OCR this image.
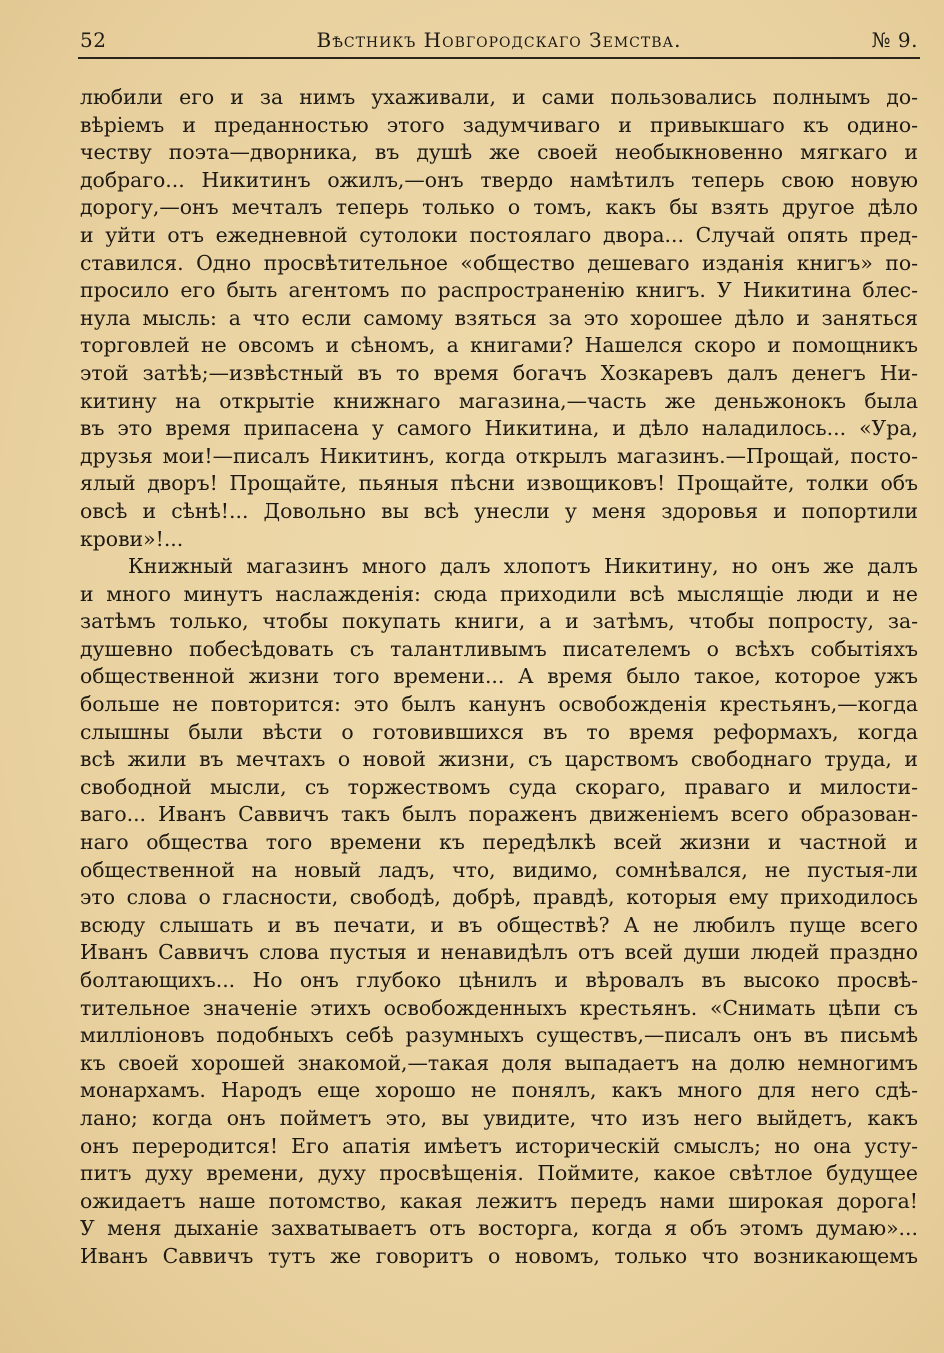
52	Вѣстникъ Новгородскаго Земства.	№ 9.
любили его и за нимъ ухаживали, и сами пользовались полнымъ до-
вѣріемъ и преданностью этого задумчиваго и привыкшаго къ одино-
честву поэта—дворника, въ душѣ же своей необыкновенно мягкаго и
добраго... Никитинъ ожилъ,—онъ твердо намѣтилъ теперь свою новую
дорогу,—онъ мечталъ теперь только о томъ, какъ бы взять другое дѣло
и уйти отъ ежедневной сутолоки постоялаго двора... Случай опять пред-
ставился. Одно просвѣтительное «общество дешеваго изданія книгъ» по-
просило его быть агентомъ по распространенію книгъ. У Никитина блес-
нула мысль: а что если самому взяться за это хорошее дѣло и заняться
торговлей не овсомъ и сѣномъ, а книгами? Нашелся скоро и помощникъ
этой затѣѣ;—извѣстный въ то время богачъ Хозкаревъ далъ денегъ Ни-
китину на открытіе книжнаго магазина,—часть же деньжонокъ была
въ это время припасена у самого Никитина, и дѣло наладилось... «Ура,
друзья мои!—писалъ Никитинъ, когда открылъ магазинъ.—Прощай, посто-
ялый дворъ! Прощайте, пьяныя пѣсни извощиковъ! Прощайте, толки объ
овсѣ и сѣнѣ!... Довольно вы всѣ унесли у меня здоровья и попортили
крови»!...
Книжный магазинъ много далъ хлопотъ Никитину, но онъ же далъ
и много минутъ наслажденія: сюда приходили всѣ мыслящіе люди и не
затѣмъ только, чтобы покупать книги, а и затѣмъ, чтобы попросту, за-
душевно побесѣдовать съ талантливымъ писателемъ о всѣхъ событіяхъ
общественной жизни того времени... А время было такое, которое ужъ
больше не повторится: это былъ канунъ освобожденія крестьянъ,—когда
слышны были вѣсти о готовившихся въ то время реформахъ, когда
всѣ жили въ мечтахъ о новой жизни, съ царствомъ свободнаго труда, и
свободной мысли, съ торжествомъ суда скораго, праваго и милости-
ваго... Иванъ Саввичъ такъ былъ пораженъ движеніемъ всего образован-
наго общества того времени къ передѣлкѣ всей жизни и частной и
общественной на новый ладъ, что, видимо, сомнѣвался, не пустыя-ли
это слова о гласности, свободѣ, добрѣ, правдѣ, которыя ему приходилось
всюду слышать и въ печати, и въ обществѣ? А не любилъ пуще всего
Иванъ Саввичъ слова пустыя и ненавидѣлъ отъ всей души людей праздно
болтающихъ... Но онъ глубоко цѣнилъ и вѣровалъ въ высоко просвѣ-
тительное значеніе этихъ освобожденныхъ крестьянъ. «Снимать цѣпи съ
милліоновъ подобныхъ себѣ разумныхъ существъ,—писалъ онъ въ письмѣ
къ своей хорошей знакомой,—такая доля выпадаетъ на долю немногимъ
монархамъ. Народъ еще хорошо не понялъ, какъ много для него сдѣ-
лано; когда онъ пойметъ это, вы увидите, что изъ него выйдетъ, какъ
онъ переродится! Его апатія имѣетъ историческій смыслъ; но она усту-
питъ духу времени, духу просвѣщенія. Поймите, какое свѣтлое будущее
ожидаетъ наше потомство, какая лежитъ передъ нами широкая дорога!
У меня дыханіе захватываетъ отъ восторга, когда я объ этомъ думаю»...
Иванъ Саввичъ тутъ же говоритъ о новомъ, только что возникающемъ
